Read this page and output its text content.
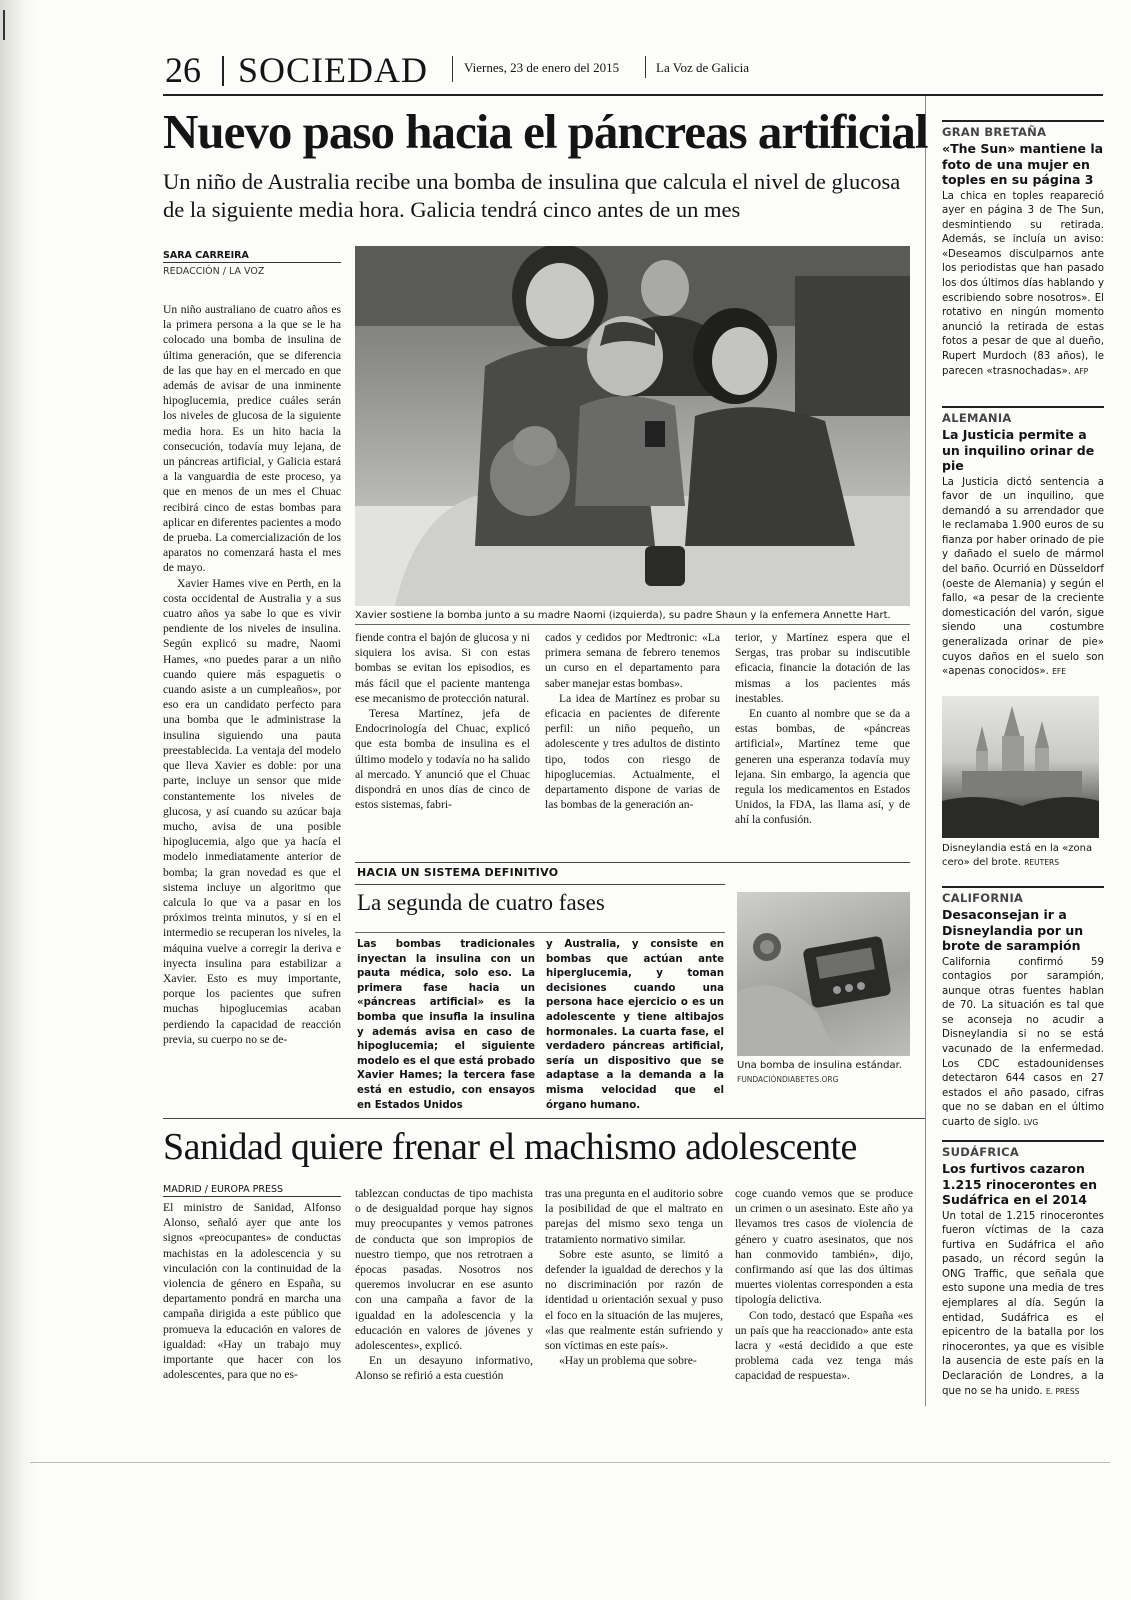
26 SOCIEDAD	Viernes, 23 de enero del 2015	La Voz de Galicia
Nuevo paso hacia el páncreas artificial
Un niño de Australia recibe una bomba de insulina que calcula el nivel de glucosa de la siguiente media hora. Galicia tendrá cinco antes de un mes
SARA CARREIRA
REDACCIÓN / LA VOZ

Un niño australiano de cuatro años es la primera persona a la que se le ha colocado una bomba de insulina de última generación, que se diferencia de las que hay en el mercado en que además de avisar de una inminente hipoglucemia, predice cuáles serán los niveles de glucosa de la siguiente media hora. Es un hito hacia la consecución, todavía muy lejana, de un páncreas artificial, y Galicia estará a la vanguardia de este proceso, ya que en menos de un mes el Chuac recibirá cinco de estas bombas para aplicar en diferentes pacientes a modo de prueba. La comercialización de los aparatos no comenzará hasta el mes de mayo.

Xavier Hames vive en Perth, en la costa occidental de Australia y a sus cuatro años ya sabe lo que es vivir pendiente de los niveles de insulina. Según explicó su madre, Naomi Hames, «no puedes parar a un niño cuando quiere más espaguetis o cuando asiste a un cumpleaños», por eso era un candidato perfecto para una bomba que le administrase la insulina siguiendo una pauta preestablecida. La ventaja del modelo que lleva Xavier es doble: por una parte, incluye un sensor que mide constantemente los niveles de glucosa, y así cuando su azúcar baja mucho, avisa de una posible hipoglucemia, algo que ya hacía el modelo inmediatamente anterior de bomba; la gran novedad es que el sistema incluye un algoritmo que calcula lo que va a pasar en los próximos treinta minutos, y si en el intermedio se recuperan los niveles, la máquina vuelve a corregir la deriva e inyecta insulina para estabilizar a Xavier. Esto es muy importante, porque los pacientes que sufren muchas hipoglucemias acaban perdiendo la capacidad de reacción previa, su cuerpo no se de-

Xavier sostiene la bomba junto a su madre Naomi (izquierda), su padre Shaun y la enfemera Annette Hart.

fiende contra el bajón de glucosa y ni siquiera los avisa. Si con estas bombas se evitan los episodios, es más fácil que el paciente mantenga ese mecanismo de protección natural.

Teresa Martínez, jefa de Endocrinología del Chuac, explicó que esta bomba de insulina es el último modelo y todavía no ha salido al mercado. Y anunció que el Chuac dispondrá en unos días de cinco de estos sistemas, fabri-

cados y cedidos por Medtronic: «La primera semana de febrero tenemos un curso en el departamento para saber manejar estas bombas».

La idea de Martínez es probar su eficacia en pacientes de diferente perfil: un niño pequeño, un adolescente y tres adultos de distinto tipo, todos con riesgo de hipoglucemias. Actualmente, el departamento dispone de varias de las bombas de la generación an-

terior, y Martínez espera que el Sergas, tras probar su indiscutible eficacia, financie la dotación de las mismas a los pacientes más inestables.

En cuanto al nombre que se da a estas bombas, de «páncreas artificial», Martínez teme que generen una esperanza todavía muy lejana. Sin embargo, la agencia que regula los medicamentos en Estados Unidos, la FDA, las llama así, y de ahí la confusión.

HACIA UN SISTEMA DEFINITIVO
La segunda de cuatro fases

Las bombas tradicionales inyectan la insulina con un pauta médica, solo eso. La primera fase hacia un «páncreas artificial» es la bomba que insufla la insulina y además avisa en caso de hipoglucemia; el siguiente modelo es el que está probado Xavier Hames; la tercera fase está en estudio, con ensayos en Estados Unidos

y Australia, y consiste en bombas que actúan ante hiperglucemia, y toman decisiones cuando una persona hace ejercicio o es un adolescente y tiene altibajos hormonales. La cuarta fase, el verdadero páncreas artificial, sería un dispositivo que se adaptase a la demanda a la misma velocidad que el órgano humano.

Una bomba de insulina estándar.
FUNDACIÓNDIABETES.ORG
Sanidad quiere frenar el machismo adolescente
MADRID / EUROPA PRESS

El ministro de Sanidad, Alfonso Alonso, señaló ayer que ante los signos «preocupantes» de conductas machistas en la adolescencia y su vinculación con la continuidad de la violencia de género en España, su departamento pondrá en marcha una campaña dirigida a este público que promueva la educación en valores de igualdad: «Hay un trabajo muy importante que hacer con los adolescentes, para que no es-

tablezcan conductas de tipo machista o de desigualdad porque hay signos muy preocupantes y vemos patrones de conducta que son impropios de nuestro tiempo, que nos retrotraen a épocas pasadas. Nosotros nos queremos involucrar en ese asunto con una campaña a favor de la igualdad en la adolescencia y la educación en valores de jóvenes y adolescentes», explicó.

En un desayuno informativo, Alonso se refirió a esta cuestión

tras una pregunta en el auditorio sobre la posibilidad de que el maltrato en parejas del mismo sexo tenga un tratamiento normativo similar.

Sobre este asunto, se limitó a defender la igualdad de derechos y la no discriminación por razón de identidad u orientación sexual y puso el foco en la situación de las mujeres, «las que realmente están sufriendo y son víctimas en este país».

«Hay un problema que sobre-

coge cuando vemos que se produce un crimen o un asesinato. Este año ya llevamos tres casos de violencia de género y cuatro asesinatos, que nos han conmovido también», dijo, confirmando así que las dos últimas muertes violentas corresponden a esta tipología delictiva.

Con todo, destacó que España «es un país que ha reaccionado» ante esta lacra y «está decidido a que este problema cada vez tenga más capacidad de respuesta».

GRAN BRETAÑA
«The Sun» mantiene la foto de una mujer en toples en su página 3
La chica en toples reapareció ayer en página 3 de The Sun, desmintiendo su retirada. Además, se incluía un aviso: «Deseamos disculparnos ante los periodistas que han pasado los dos últimos días hablando y escribiendo sobre nosotros». El rotativo en ningún momento anunció la retirada de estas fotos a pesar de que al dueño, Rupert Murdoch (83 años), le parecen «trasnochadas». AFP
ALEMANIA
La Justicia permite a un inquilino orinar de pie
La Justicia dictó sentencia a favor de un inquilino, que demandó a su arrendador que le reclamaba 1.900 euros de su fianza por haber orinado de pie y dañado el suelo de mármol del baño. Ocurrió en Düsseldorf (oeste de Alemania) y según el fallo, «a pesar de la creciente domesticación del varón, sigue siendo una costumbre generalizada orinar de pie» cuyos daños en el suelo son «apenas conocidos». EFE
Disneylandia está en la «zona cero» del brote. REUTERS
CALIFORNIA
Desaconsejan ir a Disneylandia por un brote de sarampión
California confirmó 59 contagios por sarampión, aunque otras fuentes hablan de 70. La situación es tal que se aconseja no acudir a Disneylandia si no se está vacunado de la enfermedad. Los CDC estadounidenses detectaron 644 casos en 27 estados el año pasado, cifras que no se daban en el último cuarto de siglo. LVG
SUDÁFRICA
Los furtivos cazaron 1.215 rinocerontes en Sudáfrica en el 2014
Un total de 1.215 rinocerontes fueron víctimas de la caza furtiva en Sudáfrica el año pasado, un récord según la ONG Traffic, que señala que esto supone una media de tres ejemplares al día. Según la entidad, Sudáfrica es el epicentro de la batalla por los rinocerontes, ya que es visible la ausencia de este país en la Declaración de Londres, a la que no se ha unido. E. PRESS
